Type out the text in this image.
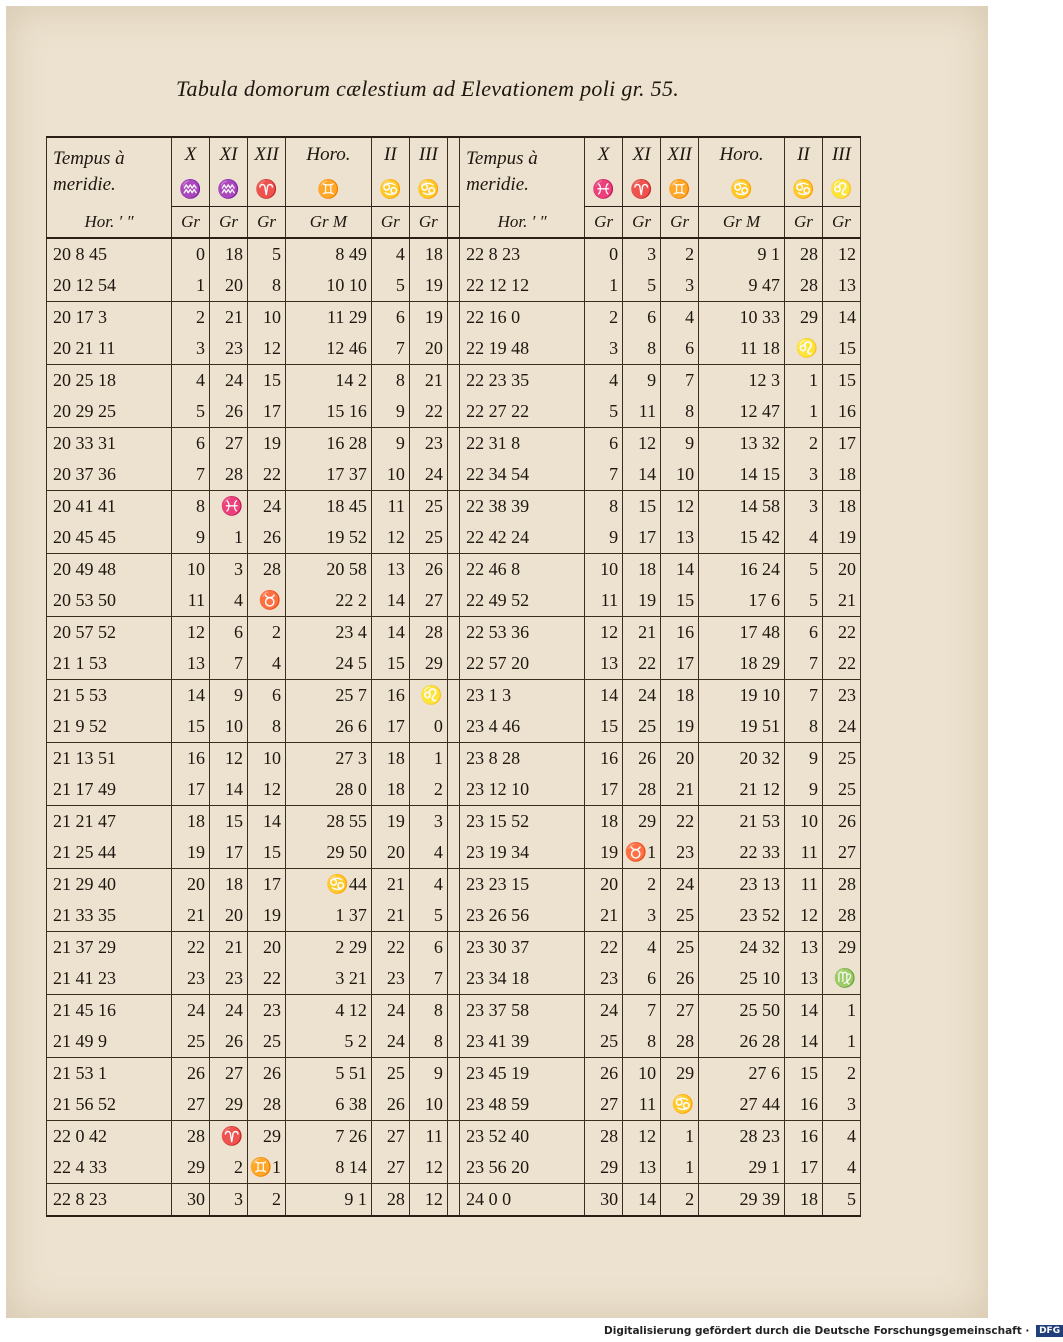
Tabula domorum cælestium ad Elevationem poli gr. 55.
Tempus à
meridie.	X	XI	XII	Horo.	II	III		Tempus à
meridie.	X	XI	XII	Horo.	II	III
	♒	♒	♈	♊	♋	♋			♓	♈	♊	♋	♋	♌
Hor. ′ ″	Gr	Gr	Gr	Gr M	Gr	Gr		Hor. ′ ″	Gr	Gr	Gr	Gr M	Gr	Gr
20 8 45	0	18	5	8 49	4	18		22 8 23	0	3	2	9 1	28	12
20 12 54	1	20	8	10 10	5	19		22 12 12	1	5	3	9 47	28	13
20 17 3	2	21	10	11 29	6	19		22 16 0	2	6	4	10 33	29	14
20 21 11	3	23	12	12 46	7	20		22 19 48	3	8	6	11 18	♌	15
20 25 18	4	24	15	14 2	8	21		22 23 35	4	9	7	12 3	1	15
20 29 25	5	26	17	15 16	9	22		22 27 22	5	11	8	12 47	1	16
20 33 31	6	27	19	16 28	9	23		22 31 8	6	12	9	13 32	2	17
20 37 36	7	28	22	17 37	10	24		22 34 54	7	14	10	14 15	3	18
20 41 41	8	♓	24	18 45	11	25		22 38 39	8	15	12	14 58	3	18
20 45 45	9	1	26	19 52	12	25		22 42 24	9	17	13	15 42	4	19
20 49 48	10	3	28	20 58	13	26		22 46 8	10	18	14	16 24	5	20
20 53 50	11	4	♉	22 2	14	27		22 49 52	11	19	15	17 6	5	21
20 57 52	12	6	2	23 4	14	28		22 53 36	12	21	16	17 48	6	22
21 1 53	13	7	4	24 5	15	29		22 57 20	13	22	17	18 29	7	22
21 5 53	14	9	6	25 7	16	♌		23 1 3	14	24	18	19 10	7	23
21 9 52	15	10	8	26 6	17	0		23 4 46	15	25	19	19 51	8	24
21 13 51	16	12	10	27 3	18	1		23 8 28	16	26	20	20 32	9	25
21 17 49	17	14	12	28 0	18	2		23 12 10	17	28	21	21 12	9	25
21 21 47	18	15	14	28 55	19	3		23 15 52	18	29	22	21 53	10	26
21 25 44	19	17	15	29 50	20	4		23 19 34	19	♉1	23	22 33	11	27
21 29 40	20	18	17	♋44	21	4		23 23 15	20	2	24	23 13	11	28
21 33 35	21	20	19	1 37	21	5		23 26 56	21	3	25	23 52	12	28
21 37 29	22	21	20	2 29	22	6		23 30 37	22	4	25	24 32	13	29
21 41 23	23	23	22	3 21	23	7		23 34 18	23	6	26	25 10	13	♍
21 45 16	24	24	23	4 12	24	8		23 37 58	24	7	27	25 50	14	1
21 49 9	25	26	25	5 2	24	8		23 41 39	25	8	28	26 28	14	1
21 53 1	26	27	26	5 51	25	9		23 45 19	26	10	29	27 6	15	2
21 56 52	27	29	28	6 38	26	10		23 48 59	27	11	♋	27 44	16	3
22 0 42	28	♈	29	7 26	27	11		23 52 40	28	12	1	28 23	16	4
22 4 33	29	2	♊1	8 14	27	12		23 56 20	29	13	1	29 1	17	4
22 8 23	30	3	2	9 1	28	12		24 0 0	30	14	2	29 39	18	5
Digitalisierung gefördert durch die Deutsche Forschungsgemeinschaft · DFG
